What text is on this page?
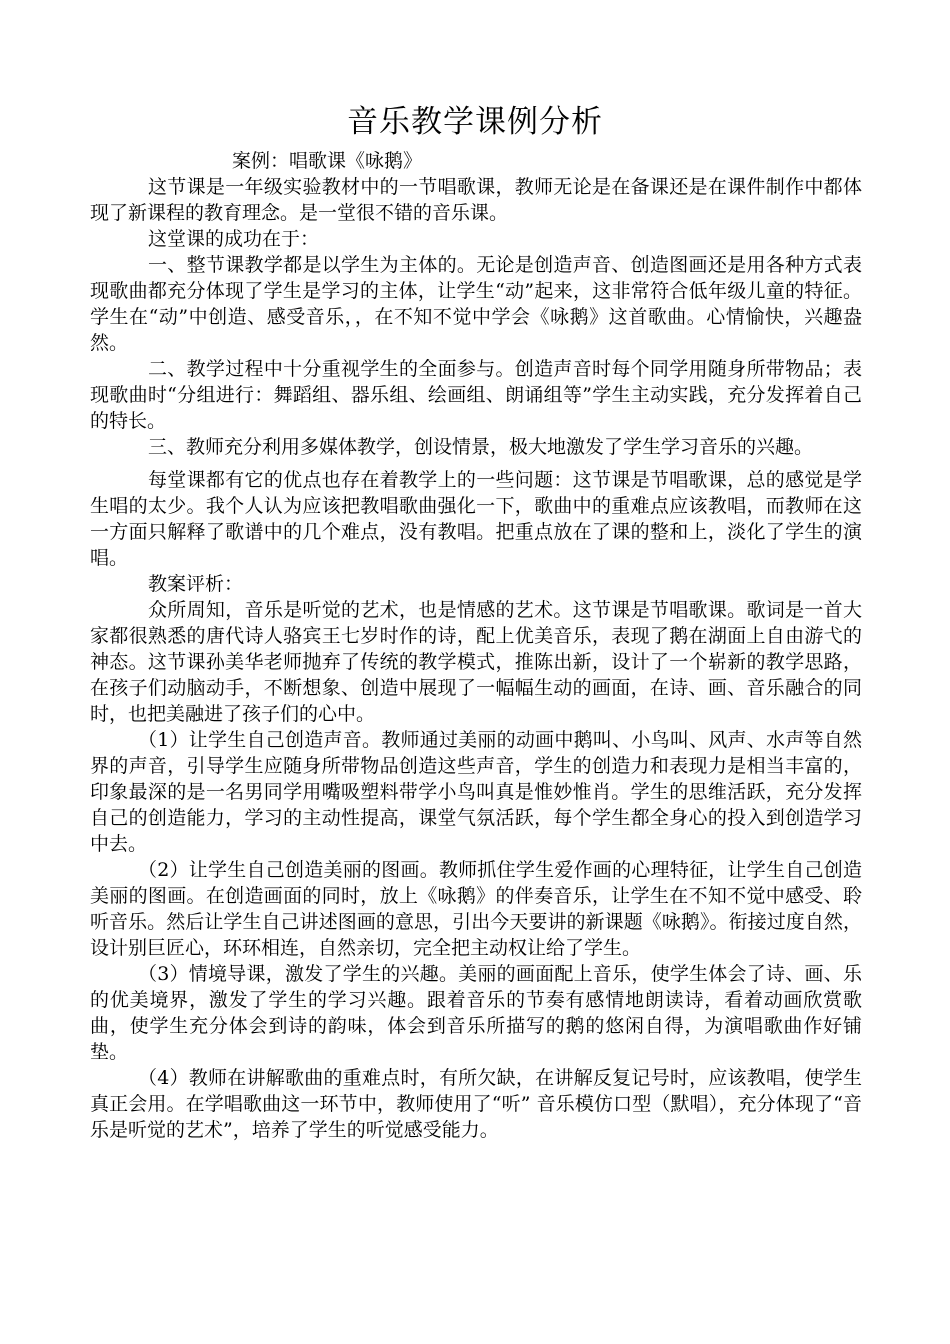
音乐教学课例分析
案例：唱歌课《咏鹅》

这节课是一年级实验教材中的一节唱歌课，教师无论是在备课还是在课件制作中都体现了新课程的教育理念。是一堂很不错的音乐课。

这堂课的成功在于：

一、整节课教学都是以学生为主体的。无论是创造声音、创造图画还是用各种方式表现歌曲都充分体现了学生是学习的主体，让学生“动”起来，这非常符合低年级儿童的特征。学生在“动”中创造、感受音乐，，在不知不觉中学会《咏鹅》这首歌曲。心情愉快，兴趣盎然。

二、教学过程中十分重视学生的全面参与。创造声音时每个同学用随身所带物品；表现歌曲时“分组进行：舞蹈组、器乐组、绘画组、朗诵组等”学生主动实践，充分发挥着自己的特长。

三、教师充分利用多媒体教学，创设情景，极大地激发了学生学习音乐的兴趣。

每堂课都有它的优点也存在着教学上的一些问题：这节课是节唱歌课，总的感觉是学生唱的太少。我个人认为应该把教唱歌曲强化一下，歌曲中的重难点应该教唱，而教师在这一方面只解释了歌谱中的几个难点，没有教唱。把重点放在了课的整和上，淡化了学生的演唱。

教案评析：

众所周知，音乐是听觉的艺术，也是情感的艺术。这节课是节唱歌课。歌词是一首大家都很熟悉的唐代诗人骆宾王七岁时作的诗，配上优美音乐，表现了鹅在湖面上自由游弋的神态。这节课孙美华老师抛弃了传统的教学模式，推陈出新，设计了一个崭新的教学思路，在孩子们动脑动手，不断想象、创造中展现了一幅幅生动的画面，在诗、画、音乐融合的同时，也把美融进了孩子们的心中。

（1）让学生自己创造声音。教师通过美丽的动画中鹅叫、小鸟叫、风声、水声等自然界的声音，引导学生应随身所带物品创造这些声音，学生的创造力和表现力是相当丰富的，印象最深的是一名男同学用嘴吸塑料带学小鸟叫真是惟妙惟肖。学生的思维活跃，充分发挥自己的创造能力，学习的主动性提高，课堂气氛活跃，每个学生都全身心的投入到创造学习中去。

（2）让学生自己创造美丽的图画。教师抓住学生爱作画的心理特征，让学生自己创造美丽的图画。在创造画面的同时，放上《咏鹅》的伴奏音乐，让学生在不知不觉中感受、聆听音乐。然后让学生自己讲述图画的意思，引出今天要讲的新课题《咏鹅》。衔接过度自然，设计别巨匠心，环环相连，自然亲切，完全把主动权让给了学生。

（3）情境导课，激发了学生的兴趣。美丽的画面配上音乐，使学生体会了诗、画、乐的优美境界，激发了学生的学习兴趣。跟着音乐的节奏有感情地朗读诗，看着动画欣赏歌曲，使学生充分体会到诗的韵味，体会到音乐所描写的鹅的悠闲自得，为演唱歌曲作好铺垫。

（4）教师在讲解歌曲的重难点时，有所欠缺，在讲解反复记号时，应该教唱，使学生真正会用。在学唱歌曲这一环节中，教师使用了“听” 音乐模仿口型（默唱），充分体现了“音乐是听觉的艺术”，培养了学生的听觉感受能力。
